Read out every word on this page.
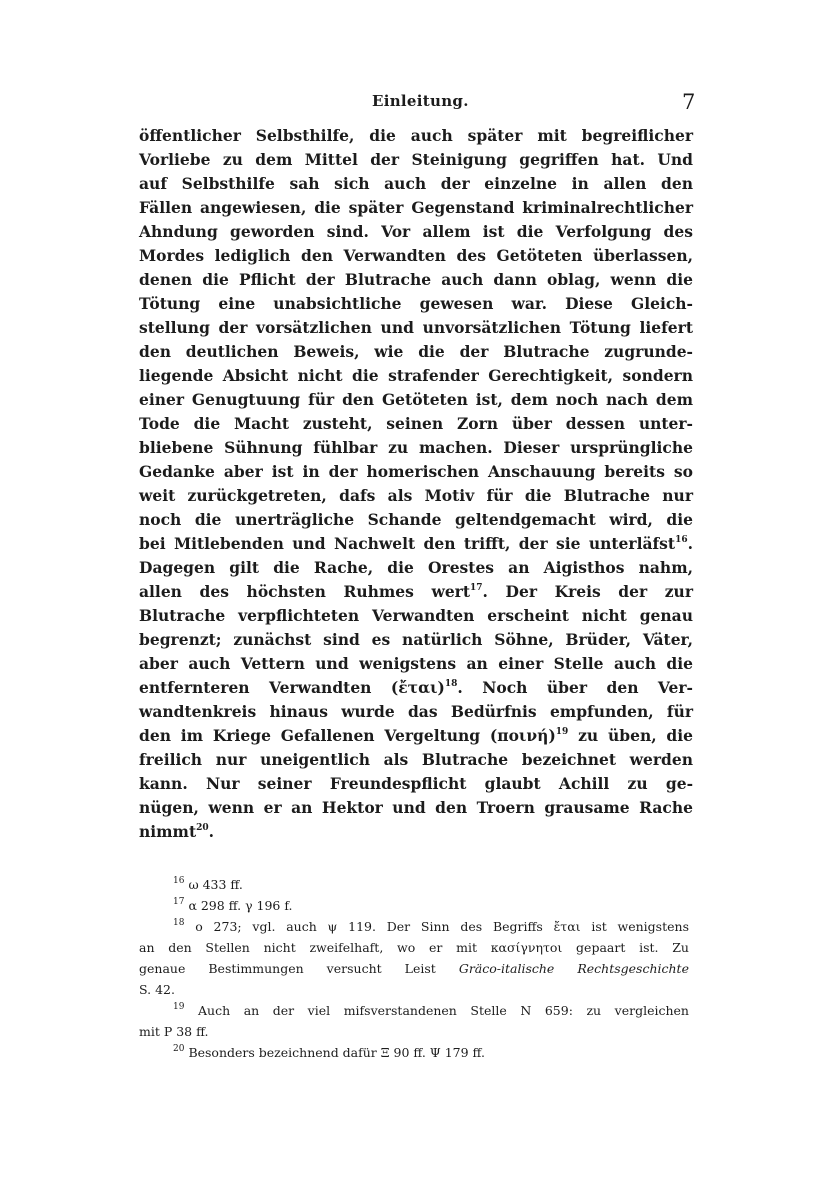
Einleitung.	7
öffentlicher Selbsthilfe, die auch später mit begreiflicher
Vorliebe zu dem Mittel der Steinigung gegriffen hat. Und
auf Selbsthilfe sah sich auch der einzelne in allen den
Fällen angewiesen, die später Gegenstand kriminalrechtlicher
Ahndung geworden sind. Vor allem ist die Verfolgung des
Mordes lediglich den Verwandten des Getöteten überlassen,
denen die Pflicht der Blutrache auch dann oblag, wenn die
Tötung eine unabsichtliche gewesen war. Diese Gleich-
stellung der vorsätzlichen und unvorsätzlichen Tötung liefert
den deutlichen Beweis, wie die der Blutrache zugrunde-
liegende Absicht nicht die strafender Gerechtigkeit, sondern
einer Genugtuung für den Getöteten ist, dem noch nach dem
Tode die Macht zusteht, seinen Zorn über dessen unter-
bliebene Sühnung fühlbar zu machen. Dieser ursprüngliche
Gedanke aber ist in der homerischen Anschauung bereits so
weit zurückgetreten, dafs als Motiv für die Blutrache nur
noch die unerträgliche Schande geltendgemacht wird, die
bei Mitlebenden und Nachwelt den trifft, der sie unterläfst$^{16}$.
Dagegen gilt die Rache, die Orestes an Aigisthos nahm,
allen des höchsten Ruhmes wert$^{17}$. Der Kreis der zur
Blutrache verpflichteten Verwandten erscheint nicht genau
begrenzt; zunächst sind es natürlich Söhne, Brüder, Väter,
aber auch Vettern und wenigstens an einer Stelle auch die
entfernteren Verwandten (ἔται)$^{18}$. Noch über den Ver-
wandtenkreis hinaus wurde das Bedürfnis empfunden, für
den im Kriege Gefallenen Vergeltung $(\pi o\iota\nu ή)^{19}$ zu üben, die
freilich nur uneigentlich als Blutrache bezeichnet werden
kann. Nur seiner Freundespflicht glaubt Achill zu ge-
nügen, wenn er an Hektor und den Troern grausame Rache
nimmt$^{20}$.
$^{16}$ ω 433 ff.
$^{17}$ α 298 ff. γ 196 f.
$^{18}$ ο 273; vgl. auch ψ 119. Der Sinn des Begriffs ἔται ist wenigstens
an den Stellen nicht zweifelhaft, wo er mit κασίγνητοι gepaart ist. Zu
genaue Bestimmungen versucht Leist Gräco-italische Rechtsgeschichte
S. 42.
$^{19}$ Auch an der viel mifsverstandenen Stelle Ν 659: zu vergleichen
mit Ρ 38 ff.
$^{20}$ Besonders bezeichnend dafür Ξ 90 ff. Ψ 179 ff.
